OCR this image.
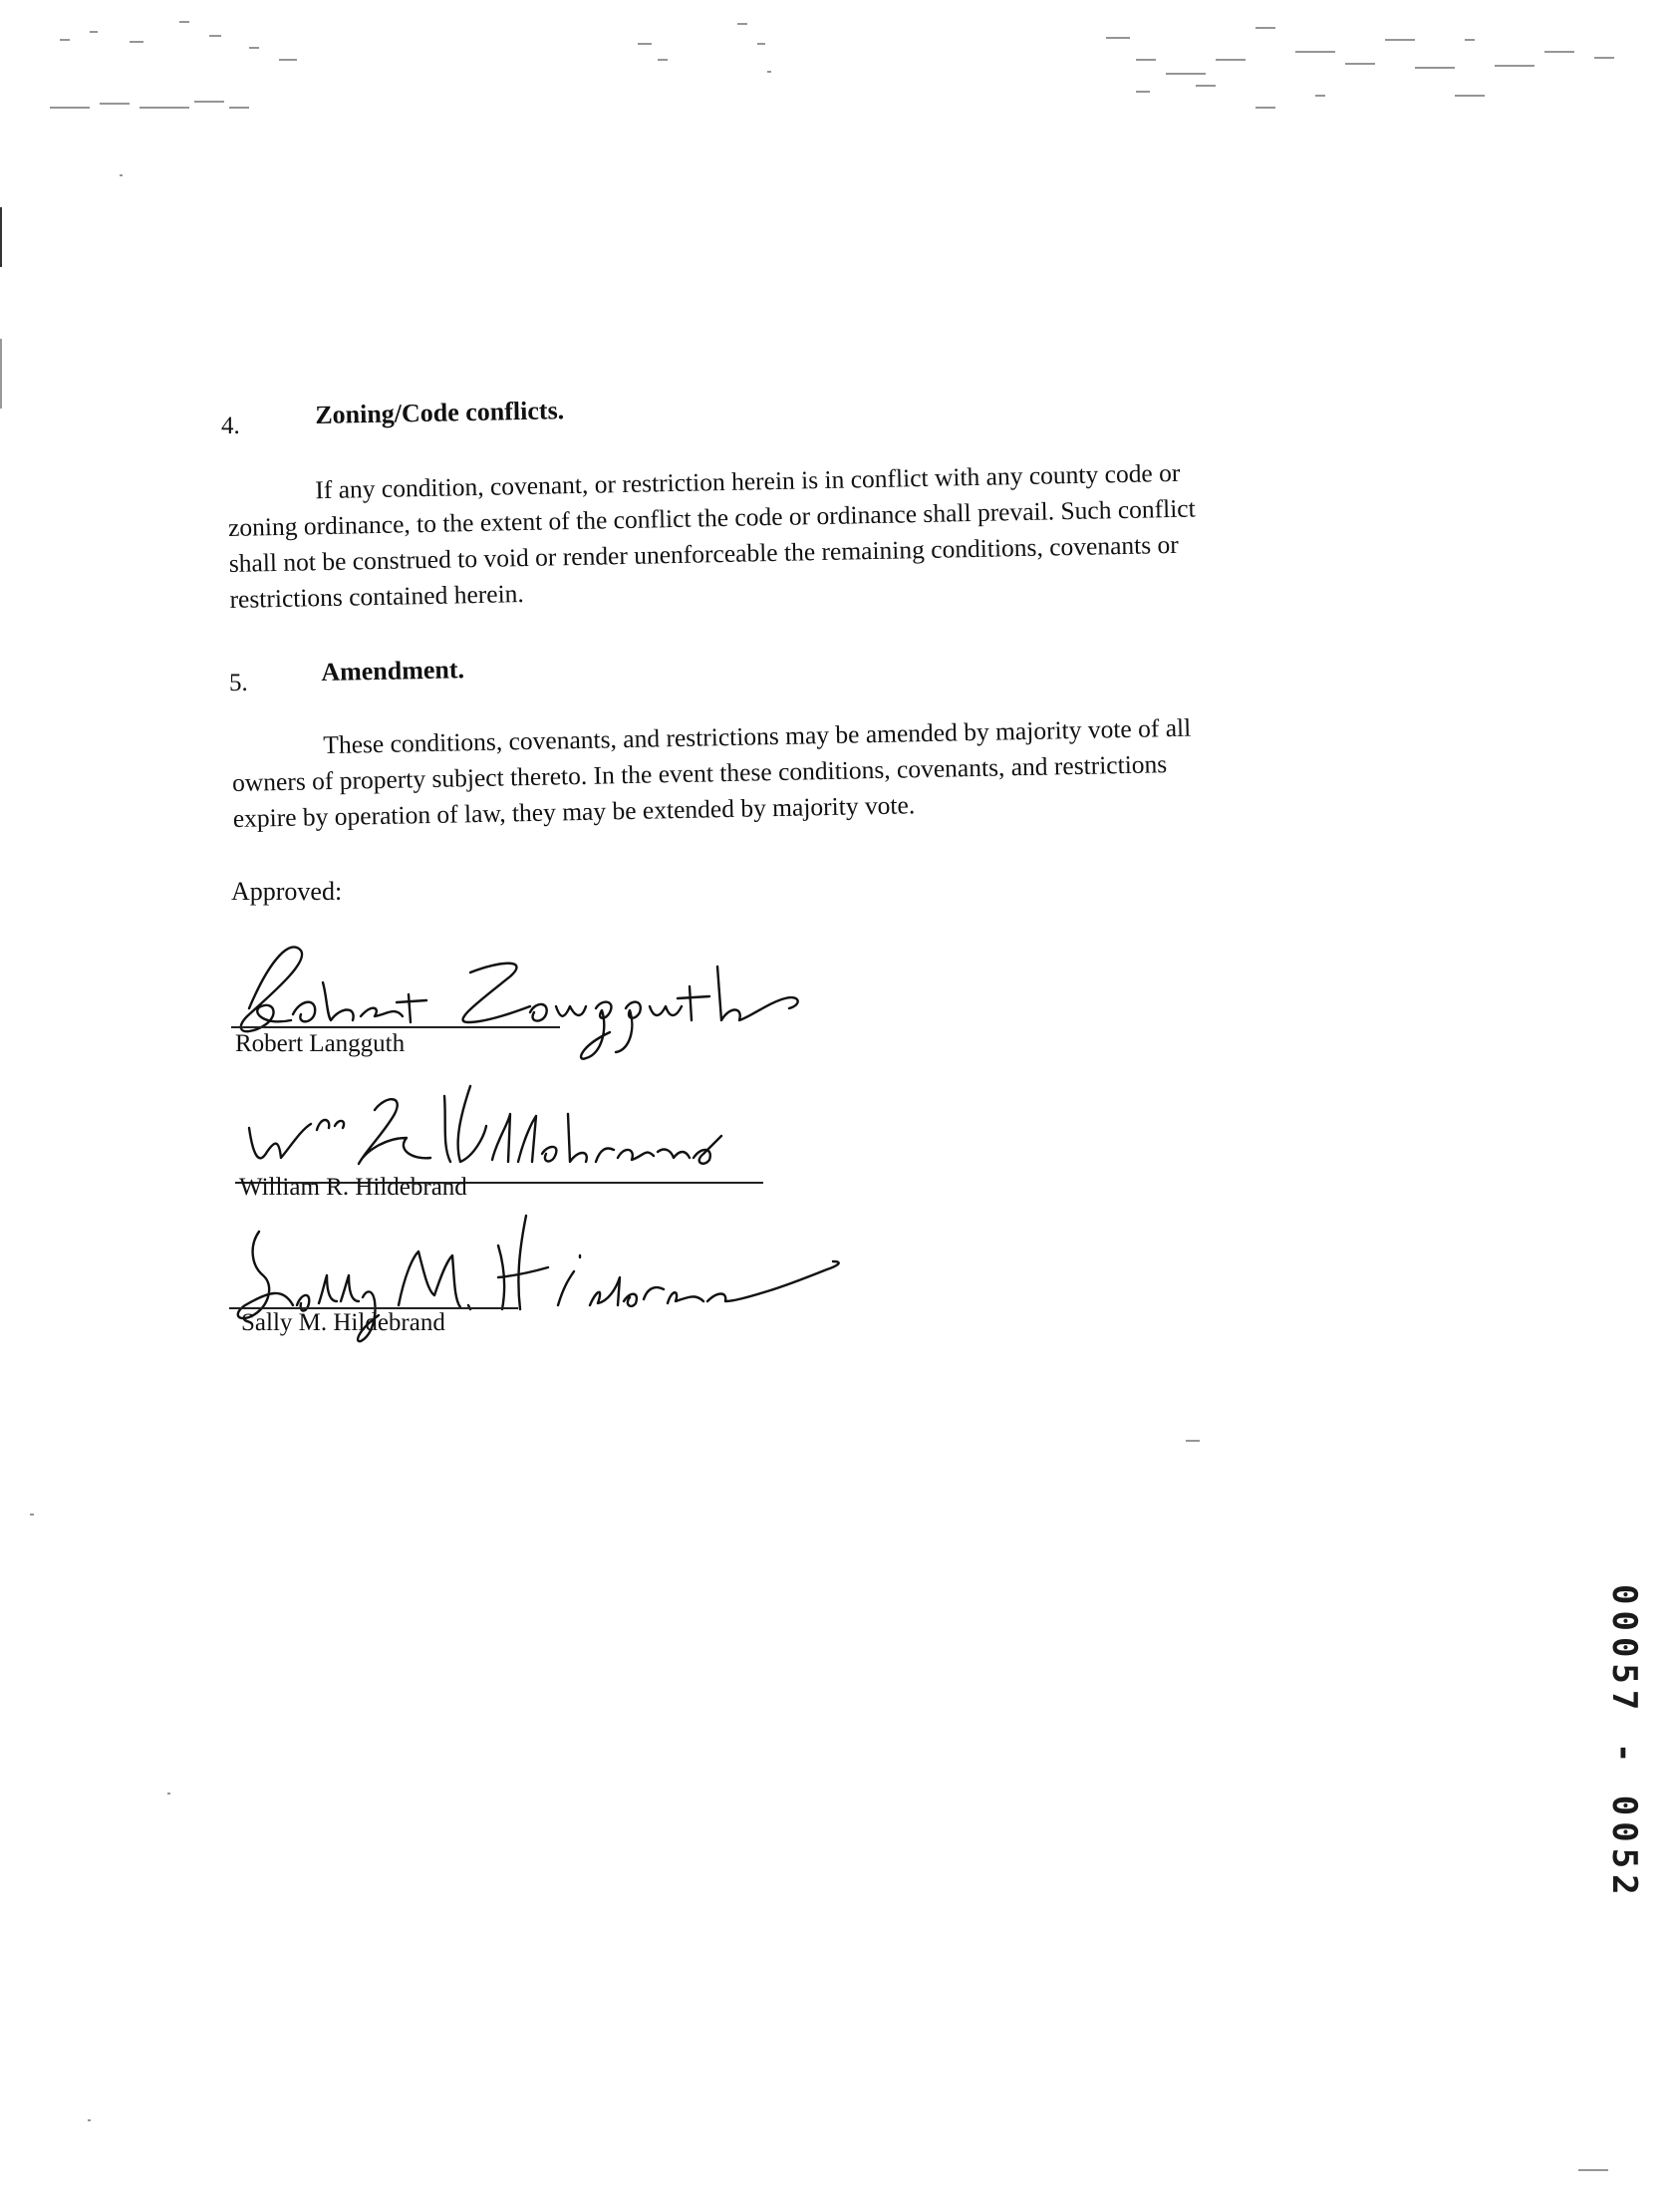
4.	Zoning/Code conflicts.
If any condition, covenant, or restriction herein is in conflict with any county code or
zoning ordinance, to the extent of the conflict the code or ordinance shall prevail. Such conflict
shall not be construed to void or render unenforceable the remaining conditions, covenants or
restrictions contained herein.
5.	Amendment.
These conditions, covenants, and restrictions may be amended by majority vote of all
owners of property subject thereto. In the event these conditions, covenants, and restrictions
expire by operation of law, they may be extended by majority vote.
Approved:
Robert Langguth
William R. Hildebrand
Sally M. Hildebrand
00057 - 0052
